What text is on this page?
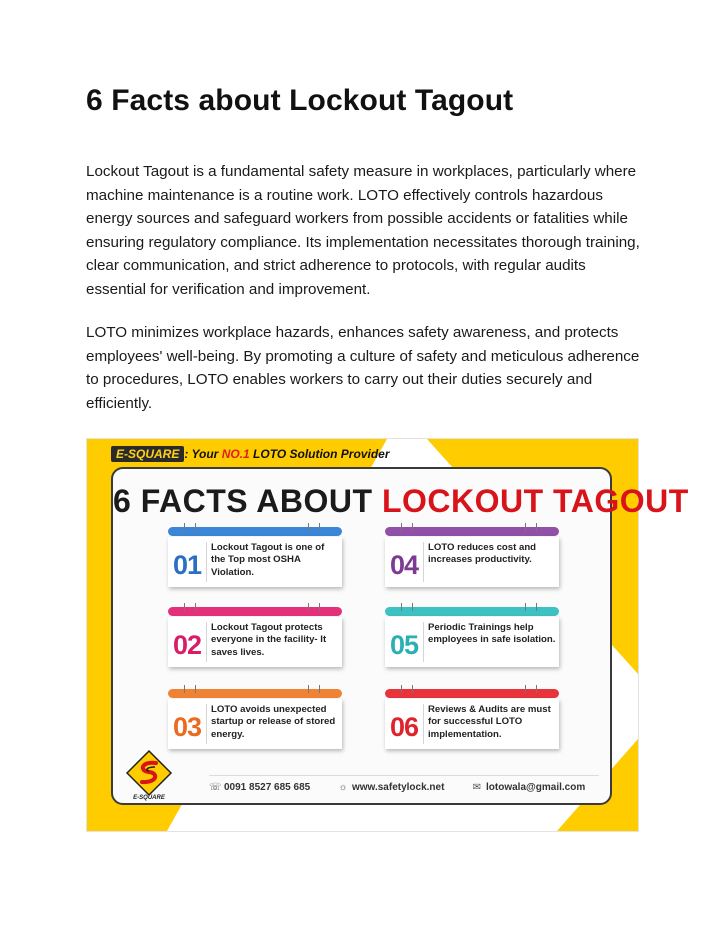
6 Facts about Lockout Tagout

Lockout Tagout is a fundamental safety measure in workplaces, particularly where machine maintenance is a routine work. LOTO effectively controls hazardous energy sources and safeguard workers from possible accidents or fatalities while ensuring regulatory compliance. Its implementation necessitates thorough training, clear communication, and strict adherence to protocols, with regular audits essential for verification and improvement.

LOTO minimizes workplace hazards, enhances safety awareness, and protects employees' well-being. By promoting a culture of safety and meticulous adherence to procedures, LOTO enables workers to carry out their duties securely and efficiently.

E-SQUARE : Your NO.1 LOTO Solution Provider
6 FACTS ABOUT LOCKOUT TAGOUT
01
Lockout Tagout is one of the Top most OSHA Violation.
02
Lockout Tagout protects everyone in the facility- It saves lives.
03
LOTO avoids unexpected startup or release of stored energy.
04
LOTO reduces cost and increases productivity.
05
Periodic Trainings help employees in safe isolation.
06
Reviews & Audits are must for successful LOTO implementation.
☏ 0091 8527 685 685	☼ www.safetylock.net	✉ lotowala@gmail.com
E-SQUARE
